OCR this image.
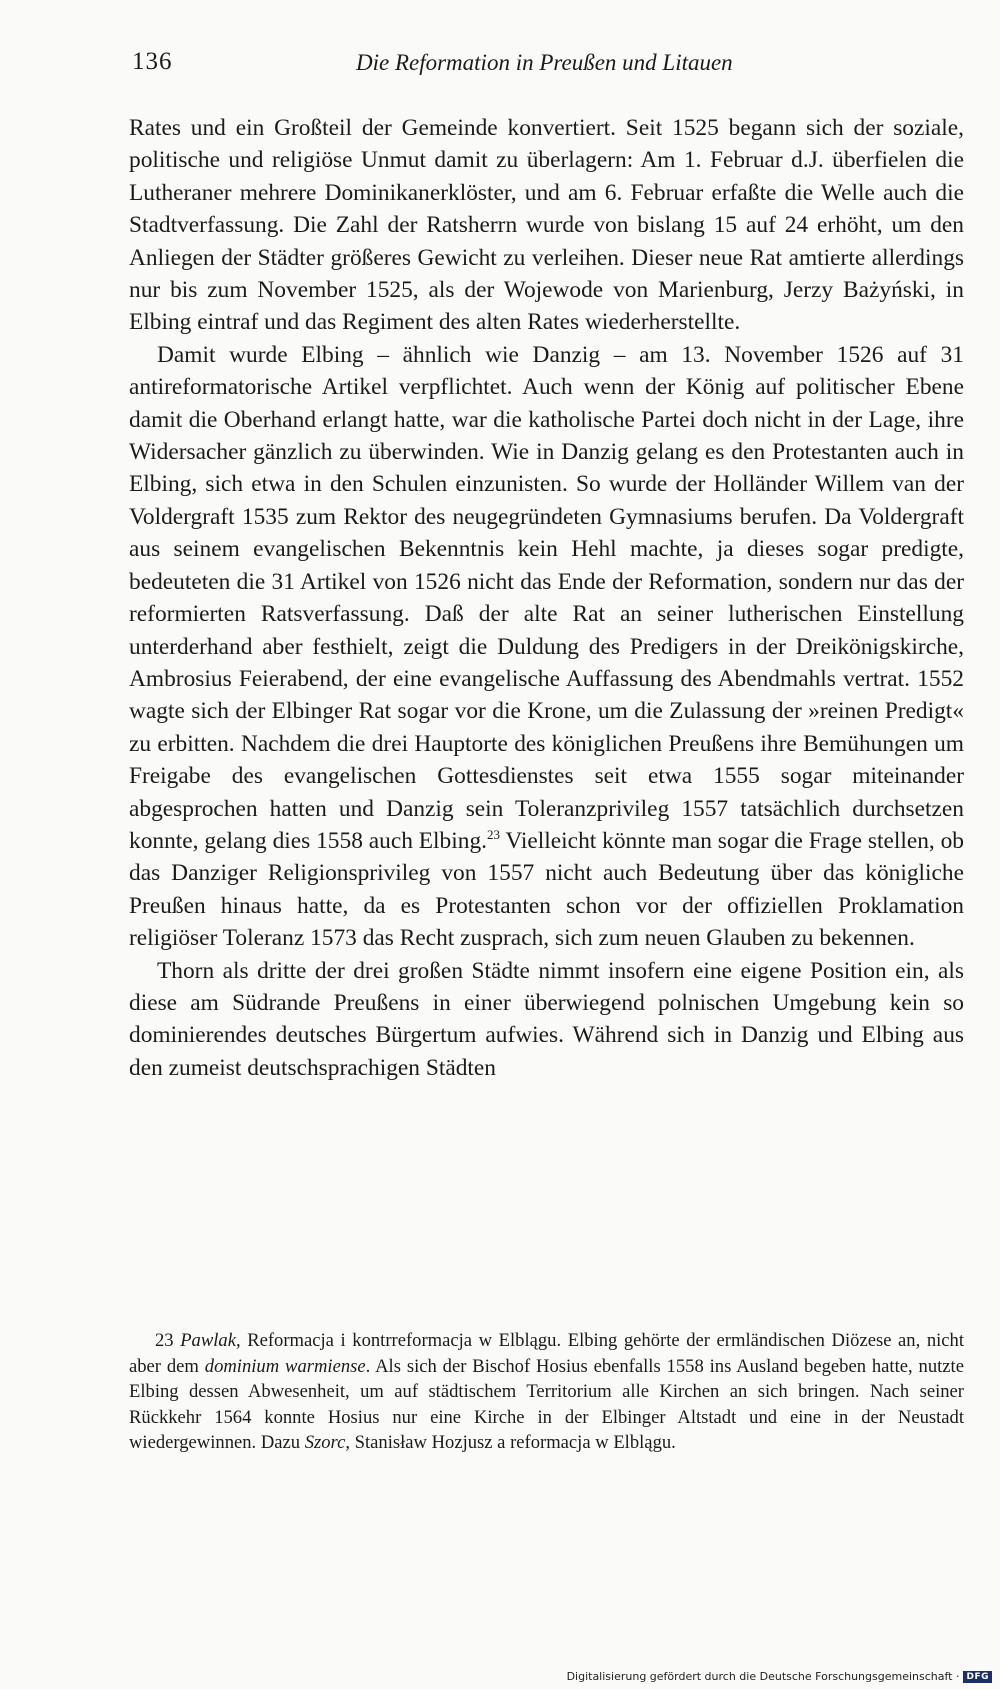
136	Die Reformation in Preußen und Litauen

Rates und ein Großteil der Gemeinde konvertiert. Seit 1525 begann sich der soziale, politische und religiöse Unmut damit zu überlagern: Am 1. Februar d.J. überfielen die Lutheraner mehrere Dominikanerklöster, und am 6. Februar erfaßte die Welle auch die Stadtverfassung. Die Zahl der Ratsherrn wurde von bislang 15 auf 24 erhöht, um den Anliegen der Städter größeres Gewicht zu verleihen. Dieser neue Rat amtierte allerdings nur bis zum November 1525, als der Wojewode von Marienburg, Jerzy Bażyński, in Elbing eintraf und das Regiment des alten Rates wiederherstellte.

Damit wurde Elbing – ähnlich wie Danzig – am 13. November 1526 auf 31 antireformatorische Artikel verpflichtet. Auch wenn der König auf politischer Ebene damit die Oberhand erlangt hatte, war die katholische Partei doch nicht in der Lage, ihre Widersacher gänzlich zu überwinden. Wie in Danzig gelang es den Protestanten auch in Elbing, sich etwa in den Schulen einzunisten. So wurde der Holländer Willem van der Voldergraft 1535 zum Rektor des neugegründeten Gymnasiums berufen. Da Voldergraft aus seinem evangelischen Bekenntnis kein Hehl machte, ja dieses sogar predigte, bedeuteten die 31 Artikel von 1526 nicht das Ende der Reformation, sondern nur das der reformierten Ratsverfassung. Daß der alte Rat an seiner lutherischen Einstellung unterderhand aber festhielt, zeigt die Duldung des Predigers in der Dreikönigskirche, Ambrosius Feierabend, der eine evangelische Auffassung des Abendmahls vertrat. 1552 wagte sich der Elbinger Rat sogar vor die Krone, um die Zulassung der »reinen Predigt« zu erbitten. Nachdem die drei Hauptorte des königlichen Preußens ihre Bemühungen um Freigabe des evangelischen Gottesdienstes seit etwa 1555 sogar miteinander abgesprochen hatten und Danzig sein Toleranzprivileg 1557 tatsächlich durchsetzen konnte, gelang dies 1558 auch Elbing.$^{23}$ Vielleicht könnte man sogar die Frage stellen, ob das Danziger Religionsprivileg von 1557 nicht auch Bedeutung über das königliche Preußen hinaus hatte, da es Protestanten schon vor der offiziellen Proklamation religiöser Toleranz 1573 das Recht zusprach, sich zum neuen Glauben zu bekennen.

Thorn als dritte der drei großen Städte nimmt insofern eine eigene Position ein, als diese am Südrande Preußens in einer überwiegend polnischen Umgebung kein so dominierendes deutsches Bürgertum aufwies. Während sich in Danzig und Elbing aus den zumeist deutschsprachigen Städten

23 Pawlak, Reformacja i kontrreformacja w Elblągu. Elbing gehörte der ermländischen Diözese an, nicht aber dem dominium warmiense. Als sich der Bischof Hosius ebenfalls 1558 ins Ausland begeben hatte, nutzte Elbing dessen Abwesenheit, um auf städtischem Territorium alle Kirchen an sich bringen. Nach seiner Rückkehr 1564 konnte Hosius nur eine Kirche in der Elbinger Altstadt und eine in der Neustadt wiedergewinnen. Dazu Szorc, Stanisław Hozjusz a reformacja w Elblągu.

Digitalisierung gefördert durch die Deutsche Forschungsgemeinschaft · DFG
